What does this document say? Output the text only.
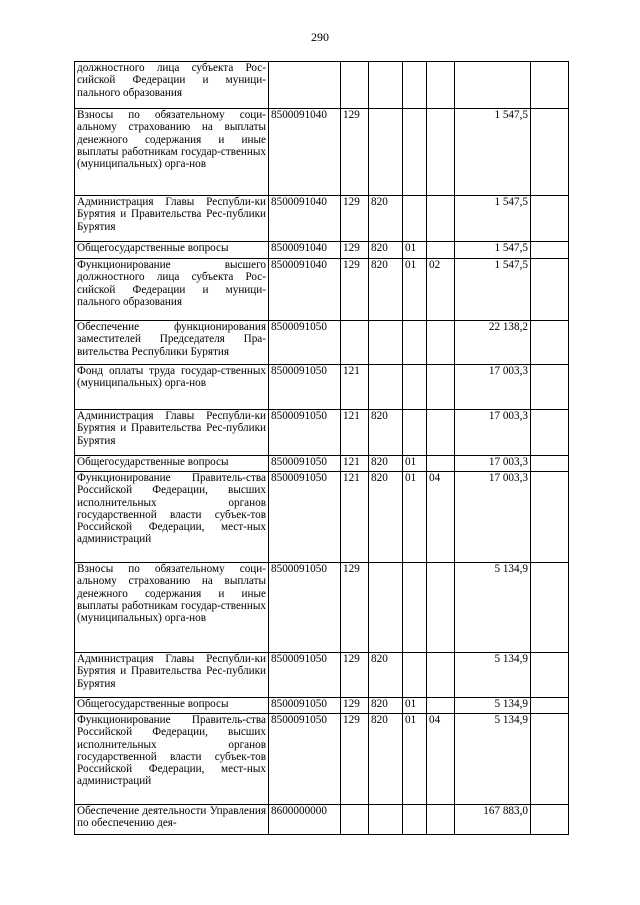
290
должностного лица субъекта Рос-сийской Федерации и муници-пального образования							
Взносы по обязательному соци-альному страхованию на выплаты денежного содержания и иные выплаты работникам государ-ственных (муниципальных) орга-нов	8500091040	129				1 547,5	
Администрация Главы Республи-ки Бурятия и Правительства Рес-публики Бурятия	8500091040	129	820			1 547,5	
Общегосударственные вопросы	8500091040	129	820	01		1 547,5	
Функционирование высшего должностного лица субъекта Рос-сийской Федерации и муници-пального образования	8500091040	129	820	01	02	1 547,5	
Обеспечение функционирования заместителей Председателя Пра-вительства Республики Бурятия	8500091050					22 138,2	
Фонд оплаты труда государ-ственных (муниципальных) орга-нов	8500091050	121				17 003,3	
Администрация Главы Республи-ки Бурятия и Правительства Рес-публики Бурятия	8500091050	121	820			17 003,3	
Общегосударственные вопросы	8500091050	121	820	01		17 003,3	
Функционирование Правитель-ства Российской Федерации, высших исполнительных органов государственной власти субъек-тов Российской Федерации, мест-ных администраций	8500091050	121	820	01	04	17 003,3	
Взносы по обязательному соци-альному страхованию на выплаты денежного содержания и иные выплаты работникам государ-ственных (муниципальных) орга-нов	8500091050	129				5 134,9	
Администрация Главы Республи-ки Бурятия и Правительства Рес-публики Бурятия	8500091050	129	820			5 134,9	
Общегосударственные вопросы	8500091050	129	820	01		5 134,9	
Функционирование Правитель-ства Российской Федерации, высших исполнительных органов государственной власти субъек-тов Российской Федерации, мест-ных администраций	8500091050	129	820	01	04	5 134,9	
Обеспечение деятельности Управления по обеспечению дея-	8600000000					167 883,0	
